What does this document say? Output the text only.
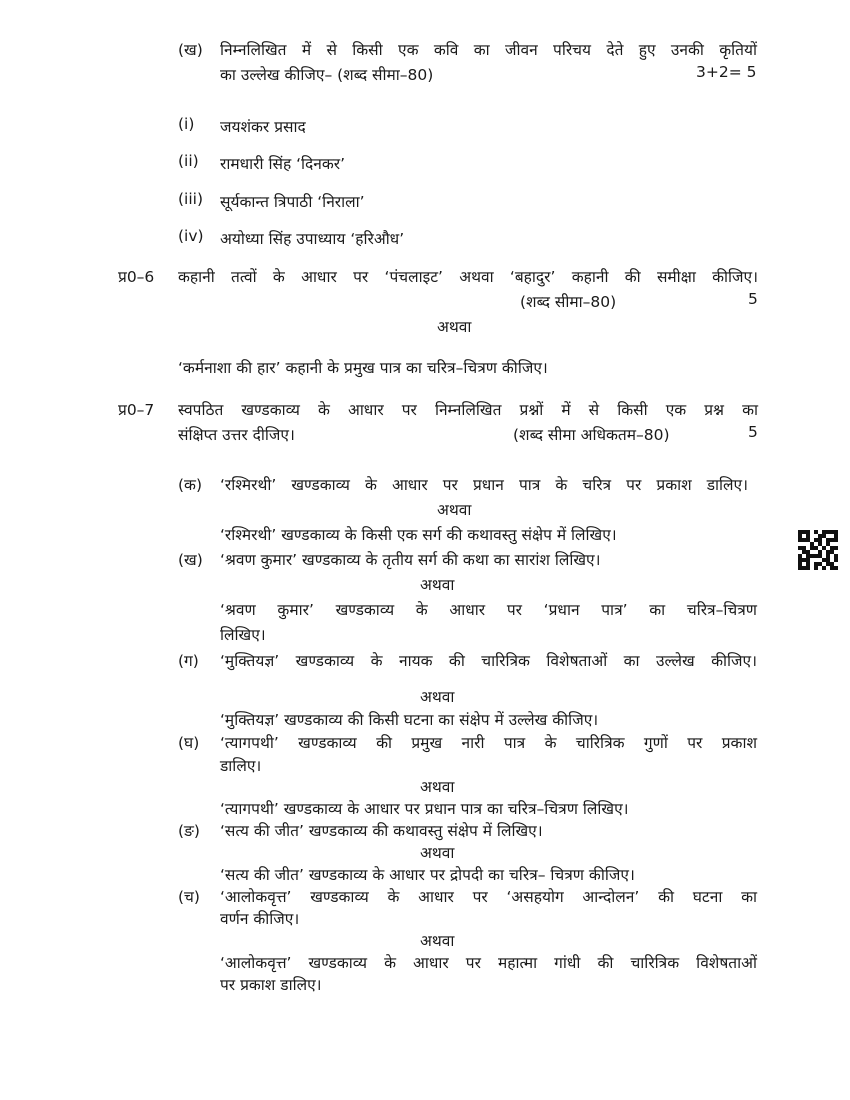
(ख) निम्नलिखित में से किसी एक कवि का जीवन परिचय देते हुए उनकी कृतियों
का उल्लेख कीजिए– (शब्द सीमा–80)	3+2= 5
(i) जयशंकर प्रसाद
(ii) रामधारी सिंह ‘दिनकर’
(iii) सूर्यकान्त त्रिपाठी ‘निराला’
(iv) अयोध्या सिंह उपाध्याय ‘हरिऔध’
प्र0–6 कहानी तत्वों के आधार पर ‘पंचलाइट’ अथवा ‘बहादुर’ कहानी की समीक्षा कीजिए।
(शब्द सीमा–80)	5
अथवा
‘कर्मनाशा की हार’ कहानी के प्रमुख पात्र का चरित्र–चित्रण कीजिए।
प्र0–7 स्वपठित खण्डकाव्य के आधार पर निम्नलिखित प्रश्नों में से किसी एक प्रश्न का
संक्षिप्त उत्तर दीजिए।	(शब्द सीमा अधिकतम–80)	5
(क) ‘रश्मिरथी’ खण्डकाव्य के आधार पर प्रधान पात्र के चरित्र पर प्रकाश डालिए।
अथवा
‘रश्मिरथी’ खण्डकाव्य के किसी एक सर्ग की कथावस्तु संक्षेप में लिखिए।
(ख) ‘श्रवण कुमार’ खण्डकाव्य के तृतीय सर्ग की कथा का सारांश लिखिए।
अथवा
‘श्रवण कुमार’ खण्डकाव्य के आधार पर ‘प्रधान पात्र’ का चरित्र–चित्रण
लिखिए।
(ग) ‘मुक्तियज्ञ’ खण्डकाव्य के नायक की चारित्रिक विशेषताओं का उल्लेख कीजिए।
अथवा
‘मुक्तियज्ञ’ खण्डकाव्य की किसी घटना का संक्षेप में उल्लेख कीजिए।
(घ) ‘त्यागपथी’ खण्डकाव्य की प्रमुख नारी पात्र के चारित्रिक गुणों पर प्रकाश
डालिए।
अथवा
‘त्यागपथी’ खण्डकाव्य के आधार पर प्रधान पात्र का चरित्र–चित्रण लिखिए।
(ङ) ‘सत्य की जीत’ खण्डकाव्य की कथावस्तु संक्षेप में लिखिए।
अथवा
‘सत्य की जीत’ खण्डकाव्य के आधार पर द्रोपदी का चरित्र– चित्रण कीजिए।
(च) ‘आलोकवृत्त’ खण्डकाव्य के आधार पर ‘असहयोग आन्दोलन’ की घटना का
वर्णन कीजिए।
अथवा
‘आलोकवृत्त’ खण्डकाव्य के आधार पर महात्मा गांधी की चारित्रिक विशेषताओं
पर प्रकाश डालिए।
